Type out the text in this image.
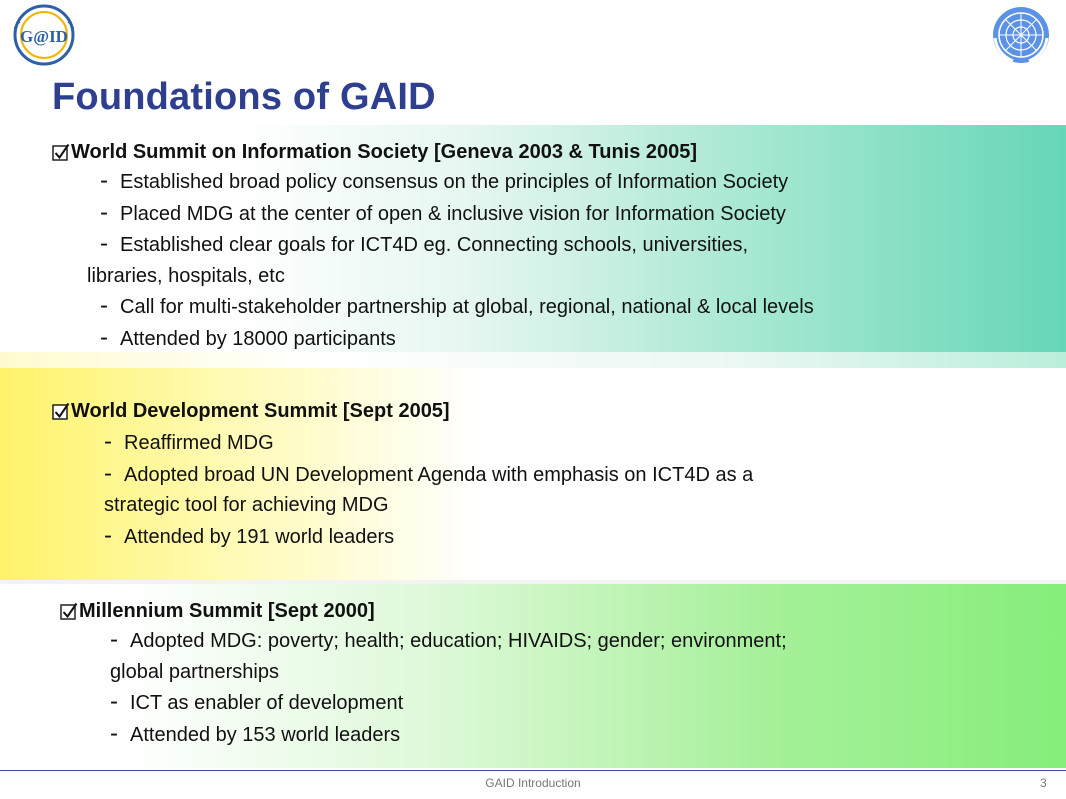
G@ID
Foundations of GAID
World Summit on Information Society [Geneva 2003 & Tunis 2005]
- Established broad policy consensus on the principles of Information Society
- Placed MDG at the center of open & inclusive vision for Information Society
- Established clear goals for ICT4D eg. Connecting schools, universities,
libraries, hospitals, etc
- Call for multi-stakeholder partnership at global, regional, national & local levels
- Attended by 18000 participants
World Development Summit [Sept 2005]
- Reaffirmed MDG
- Adopted broad UN Development Agenda with emphasis on ICT4D as a
strategic tool for achieving MDG
- Attended by 191 world leaders
Millennium Summit [Sept 2000]
- Adopted MDG: poverty; health; education; HIVAIDS; gender; environment;
global partnerships
- ICT as enabler of development
- Attended by 153 world leaders
GAID Introduction	3
